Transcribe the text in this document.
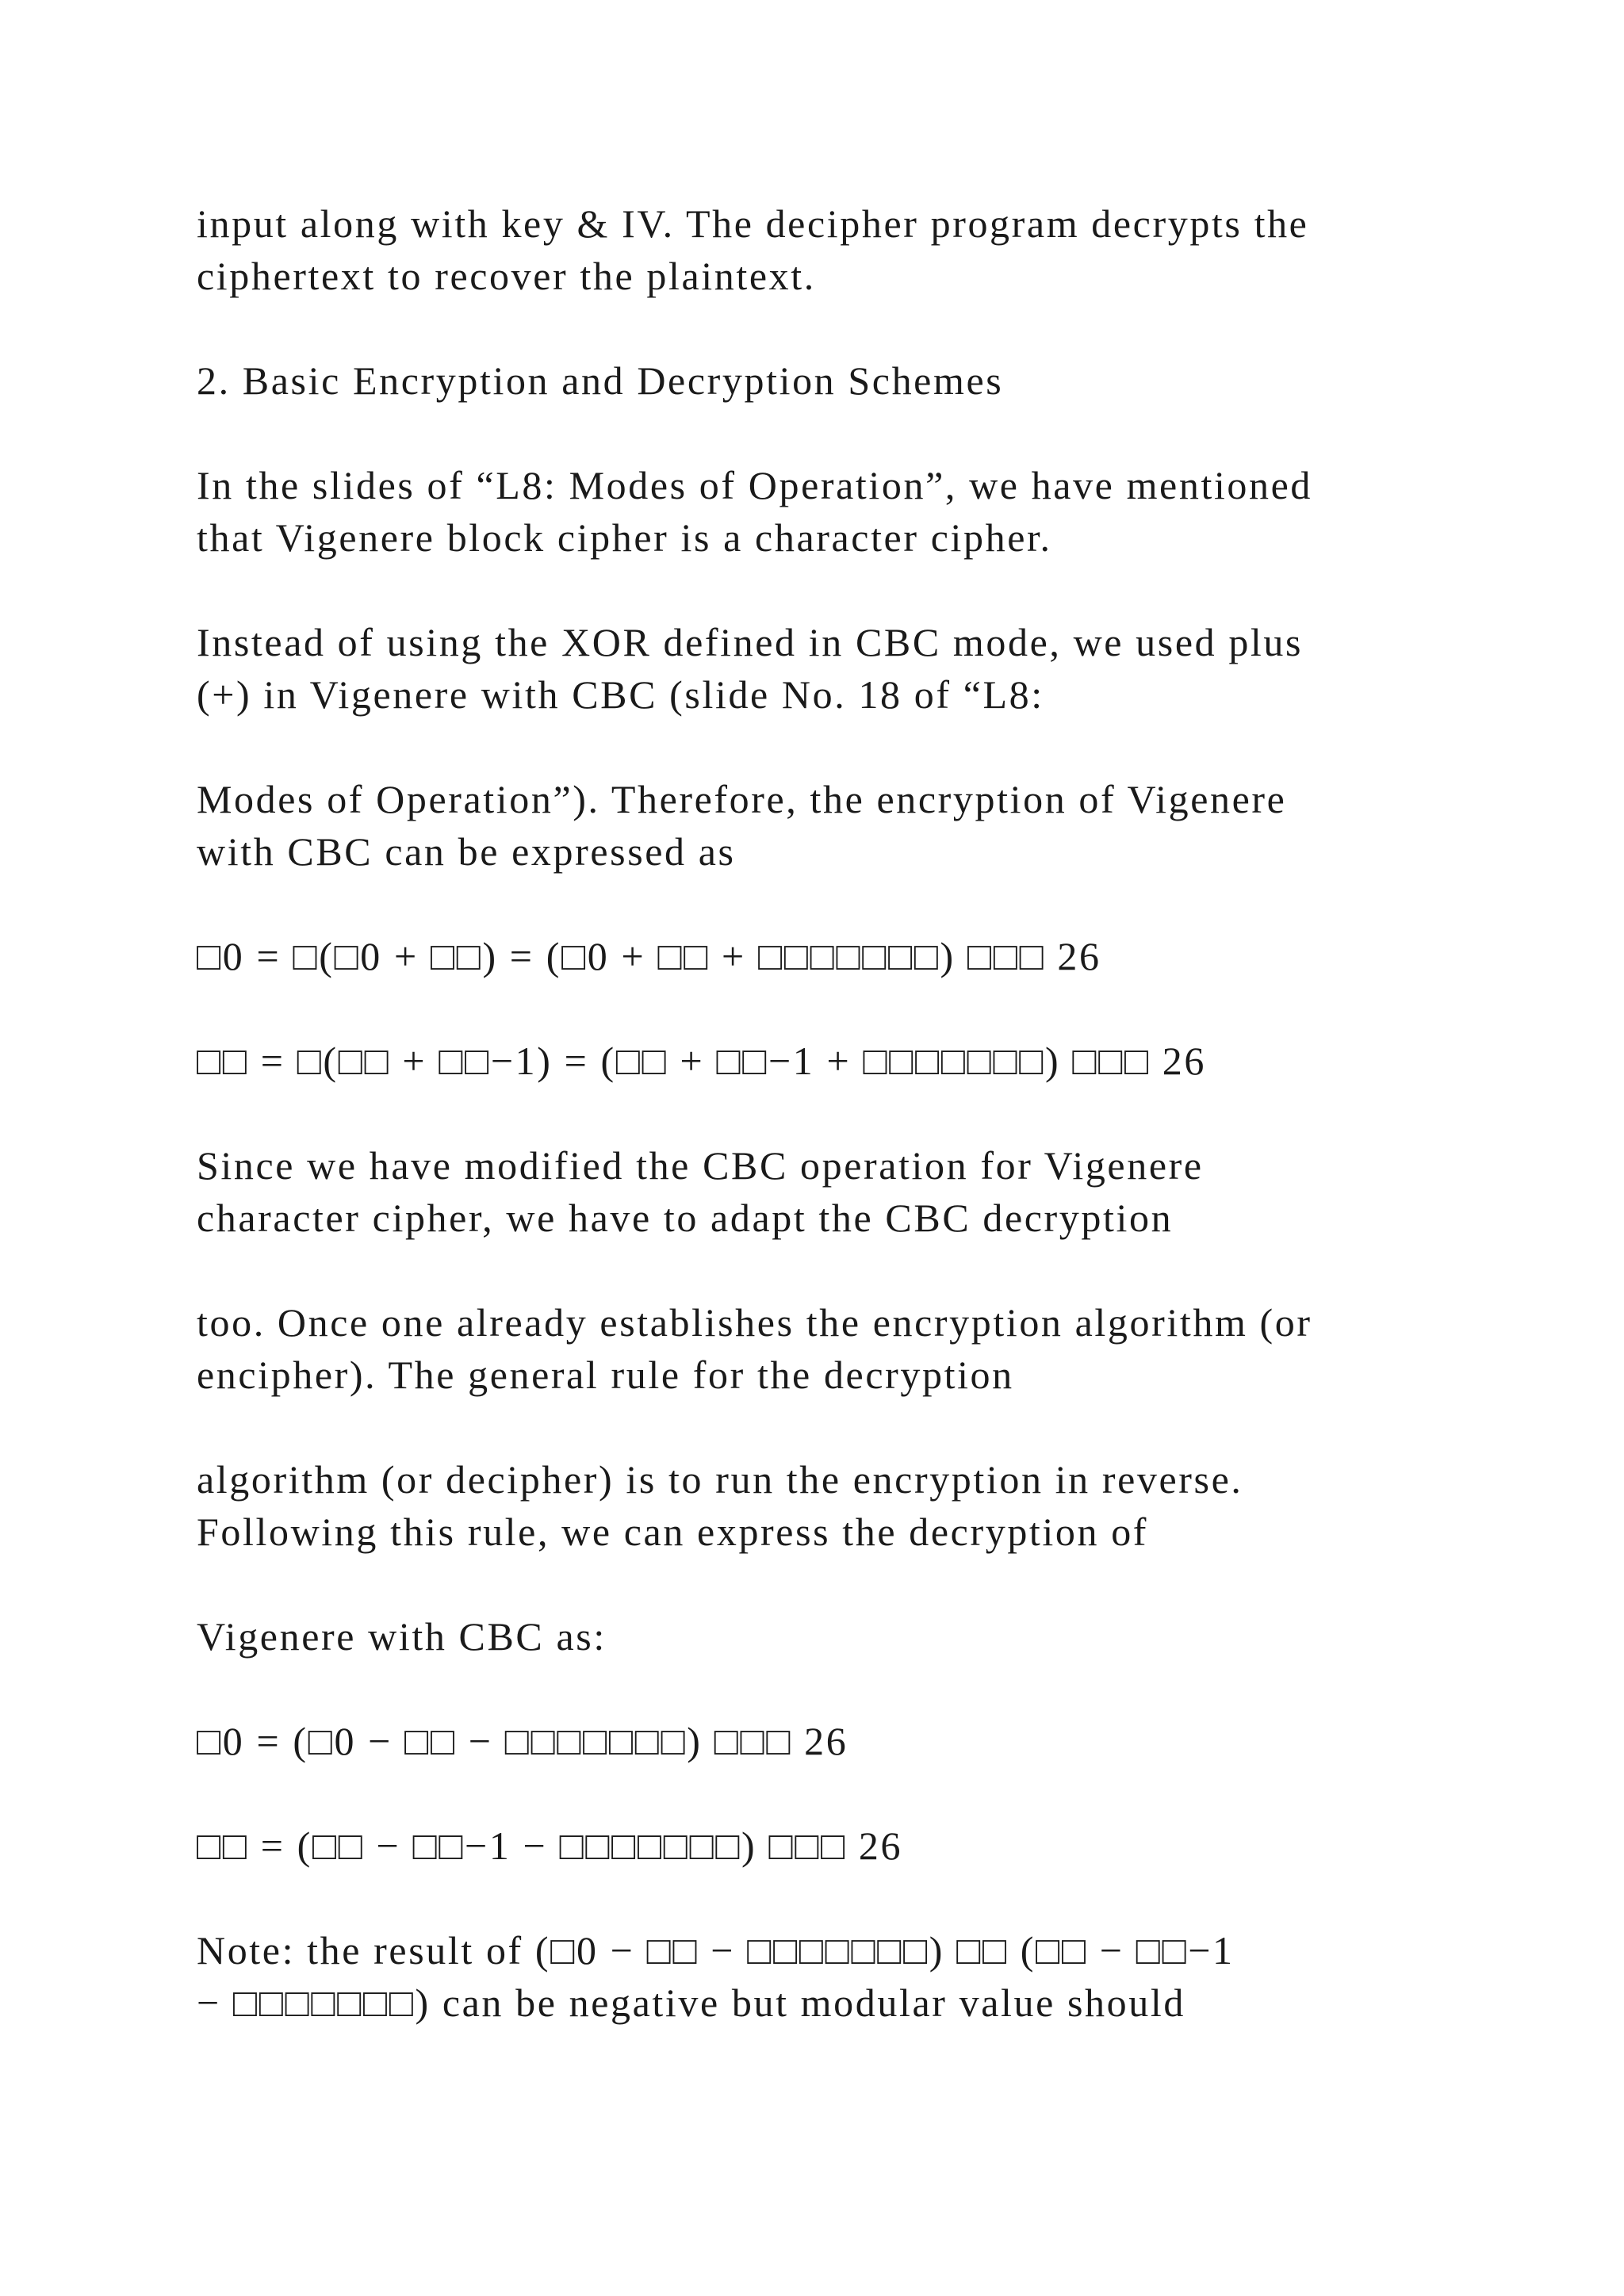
input along with key & IV. The decipher program decrypts the

ciphertext to recover the plaintext.

2. Basic Encryption and Decryption Schemes

In the slides of “L8: Modes of Operation”, we have mentioned

that Vigenere block cipher is a character cipher.

Instead of using the XOR defined in CBC mode, we used plus

(+) in Vigenere with CBC (slide No. 18 of “L8:

Modes of Operation”). Therefore, the encryption of Vigenere

with CBC can be expressed as

□0 = □(□0 + □□) = (□0 + □□ + □□□□□□□) □□□ 26

□□ = □(□□ + □□−1) = (□□ + □□−1 + □□□□□□□) □□□ 26

Since we have modified the CBC operation for Vigenere

character cipher, we have to adapt the CBC decryption

too. Once one already establishes the encryption algorithm (or

encipher). The general rule for the decryption

algorithm (or decipher) is to run the encryption in reverse.

Following this rule, we can express the decryption of

Vigenere with CBC as:

□0 = (□0 − □□ − □□□□□□□) □□□ 26

□□ = (□□ − □□−1 − □□□□□□□) □□□ 26

Note: the result of (□0 − □□ − □□□□□□□) □□ (□□ − □□−1

− □□□□□□□) can be negative but modular value should
